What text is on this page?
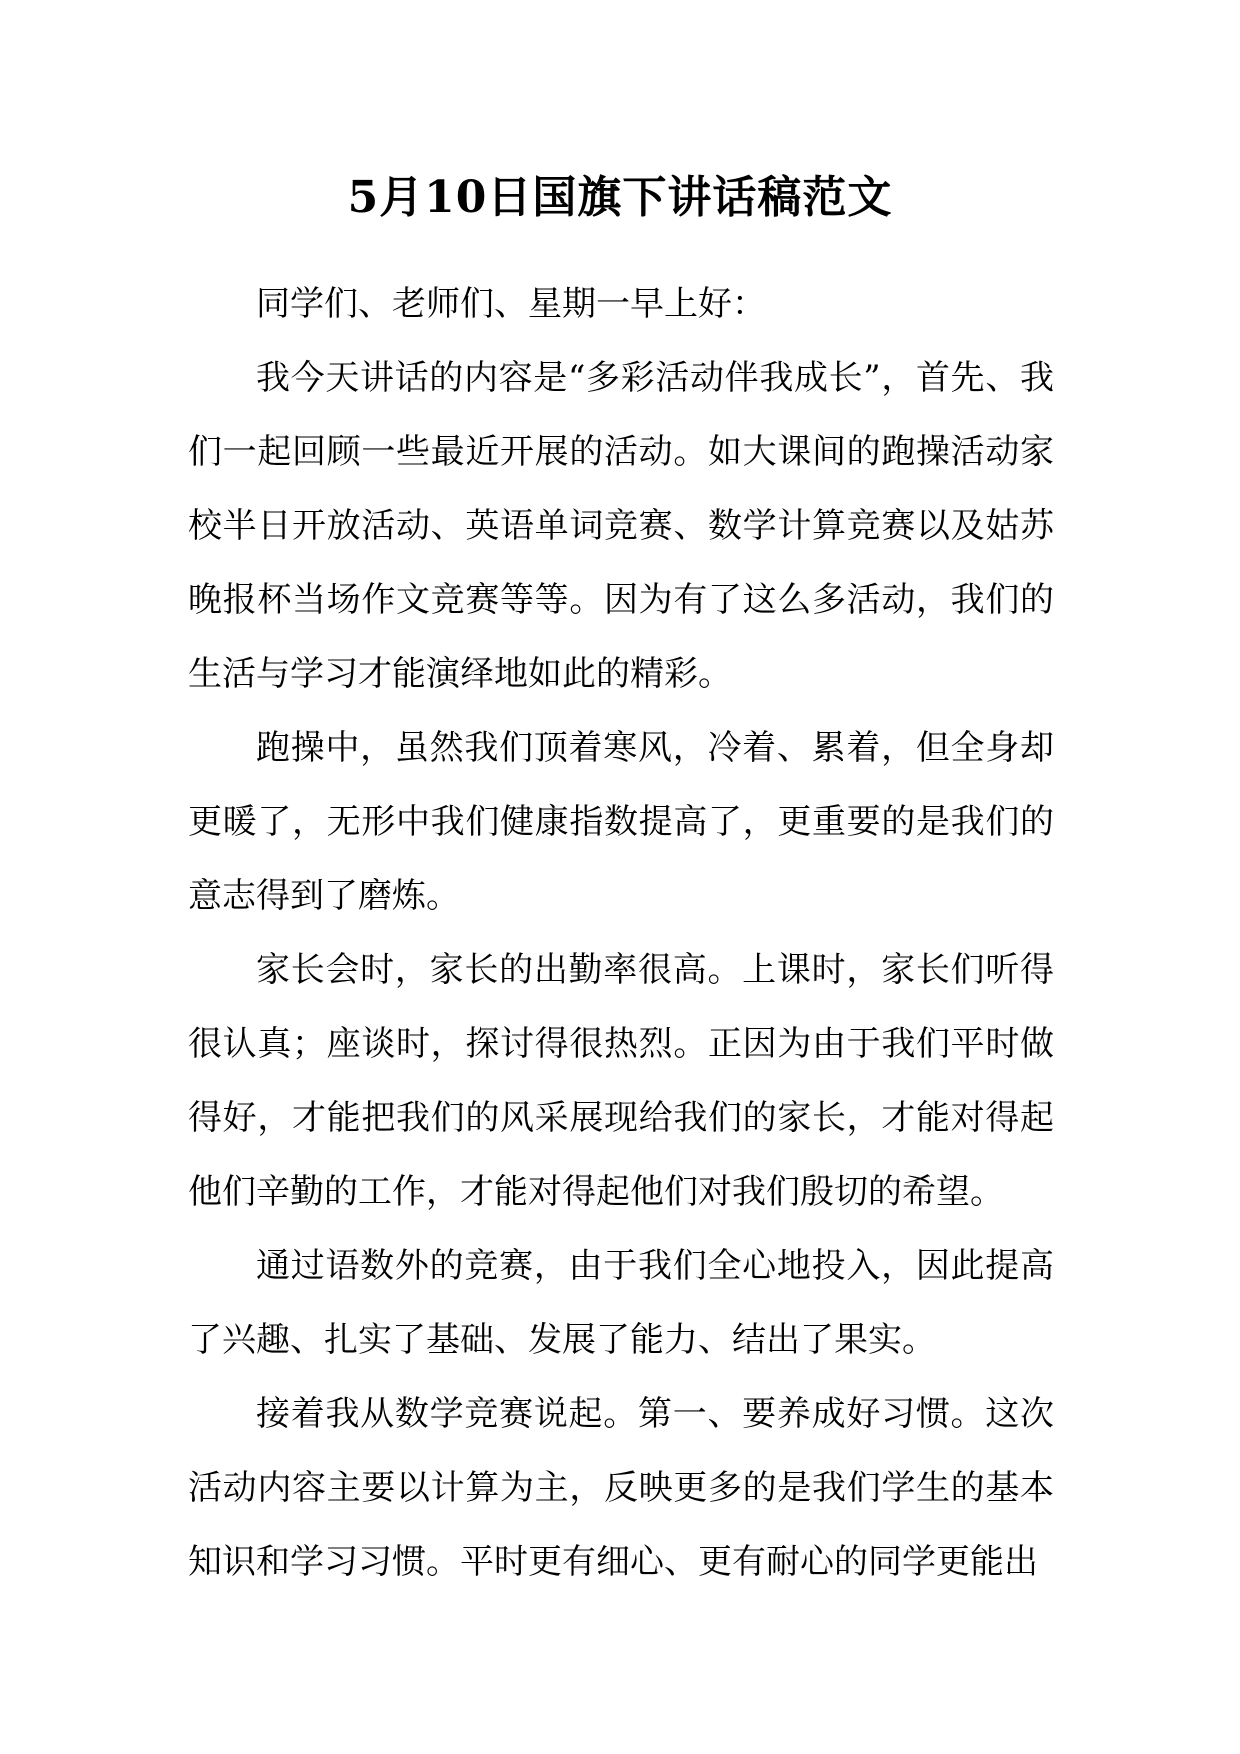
5月10日国旗下讲话稿范文

同学们、老师们、星期一早上好：

我今天讲话的内容是“多彩活动伴我成长”，首先、我们一起回顾一些最近开展的活动。如大课间的跑操活动家校半日开放活动、英语单词竞赛、数学计算竞赛以及姑苏晚报杯当场作文竞赛等等。因为有了这么多活动，我们的生活与学习才能演绎地如此的精彩。

跑操中，虽然我们顶着寒风，冷着、累着，但全身却更暖了，无形中我们健康指数提高了，更重要的是我们的意志得到了磨炼。

家长会时，家长的出勤率很高。上课时，家长们听得很认真；座谈时，探讨得很热烈。正因为由于我们平时做得好，才能把我们的风采展现给我们的家长，才能对得起他们辛勤的工作，才能对得起他们对我们殷切的希望。

通过语数外的竞赛，由于我们全心地投入，因此提高了兴趣、扎实了基础、发展了能力、结出了果实。

接着我从数学竞赛说起。第一、要养成好习惯。这次活动内容主要以计算为主，反映更多的是我们学生的基本知识和学习习惯。平时更有细心、更有耐心的同学更能出
